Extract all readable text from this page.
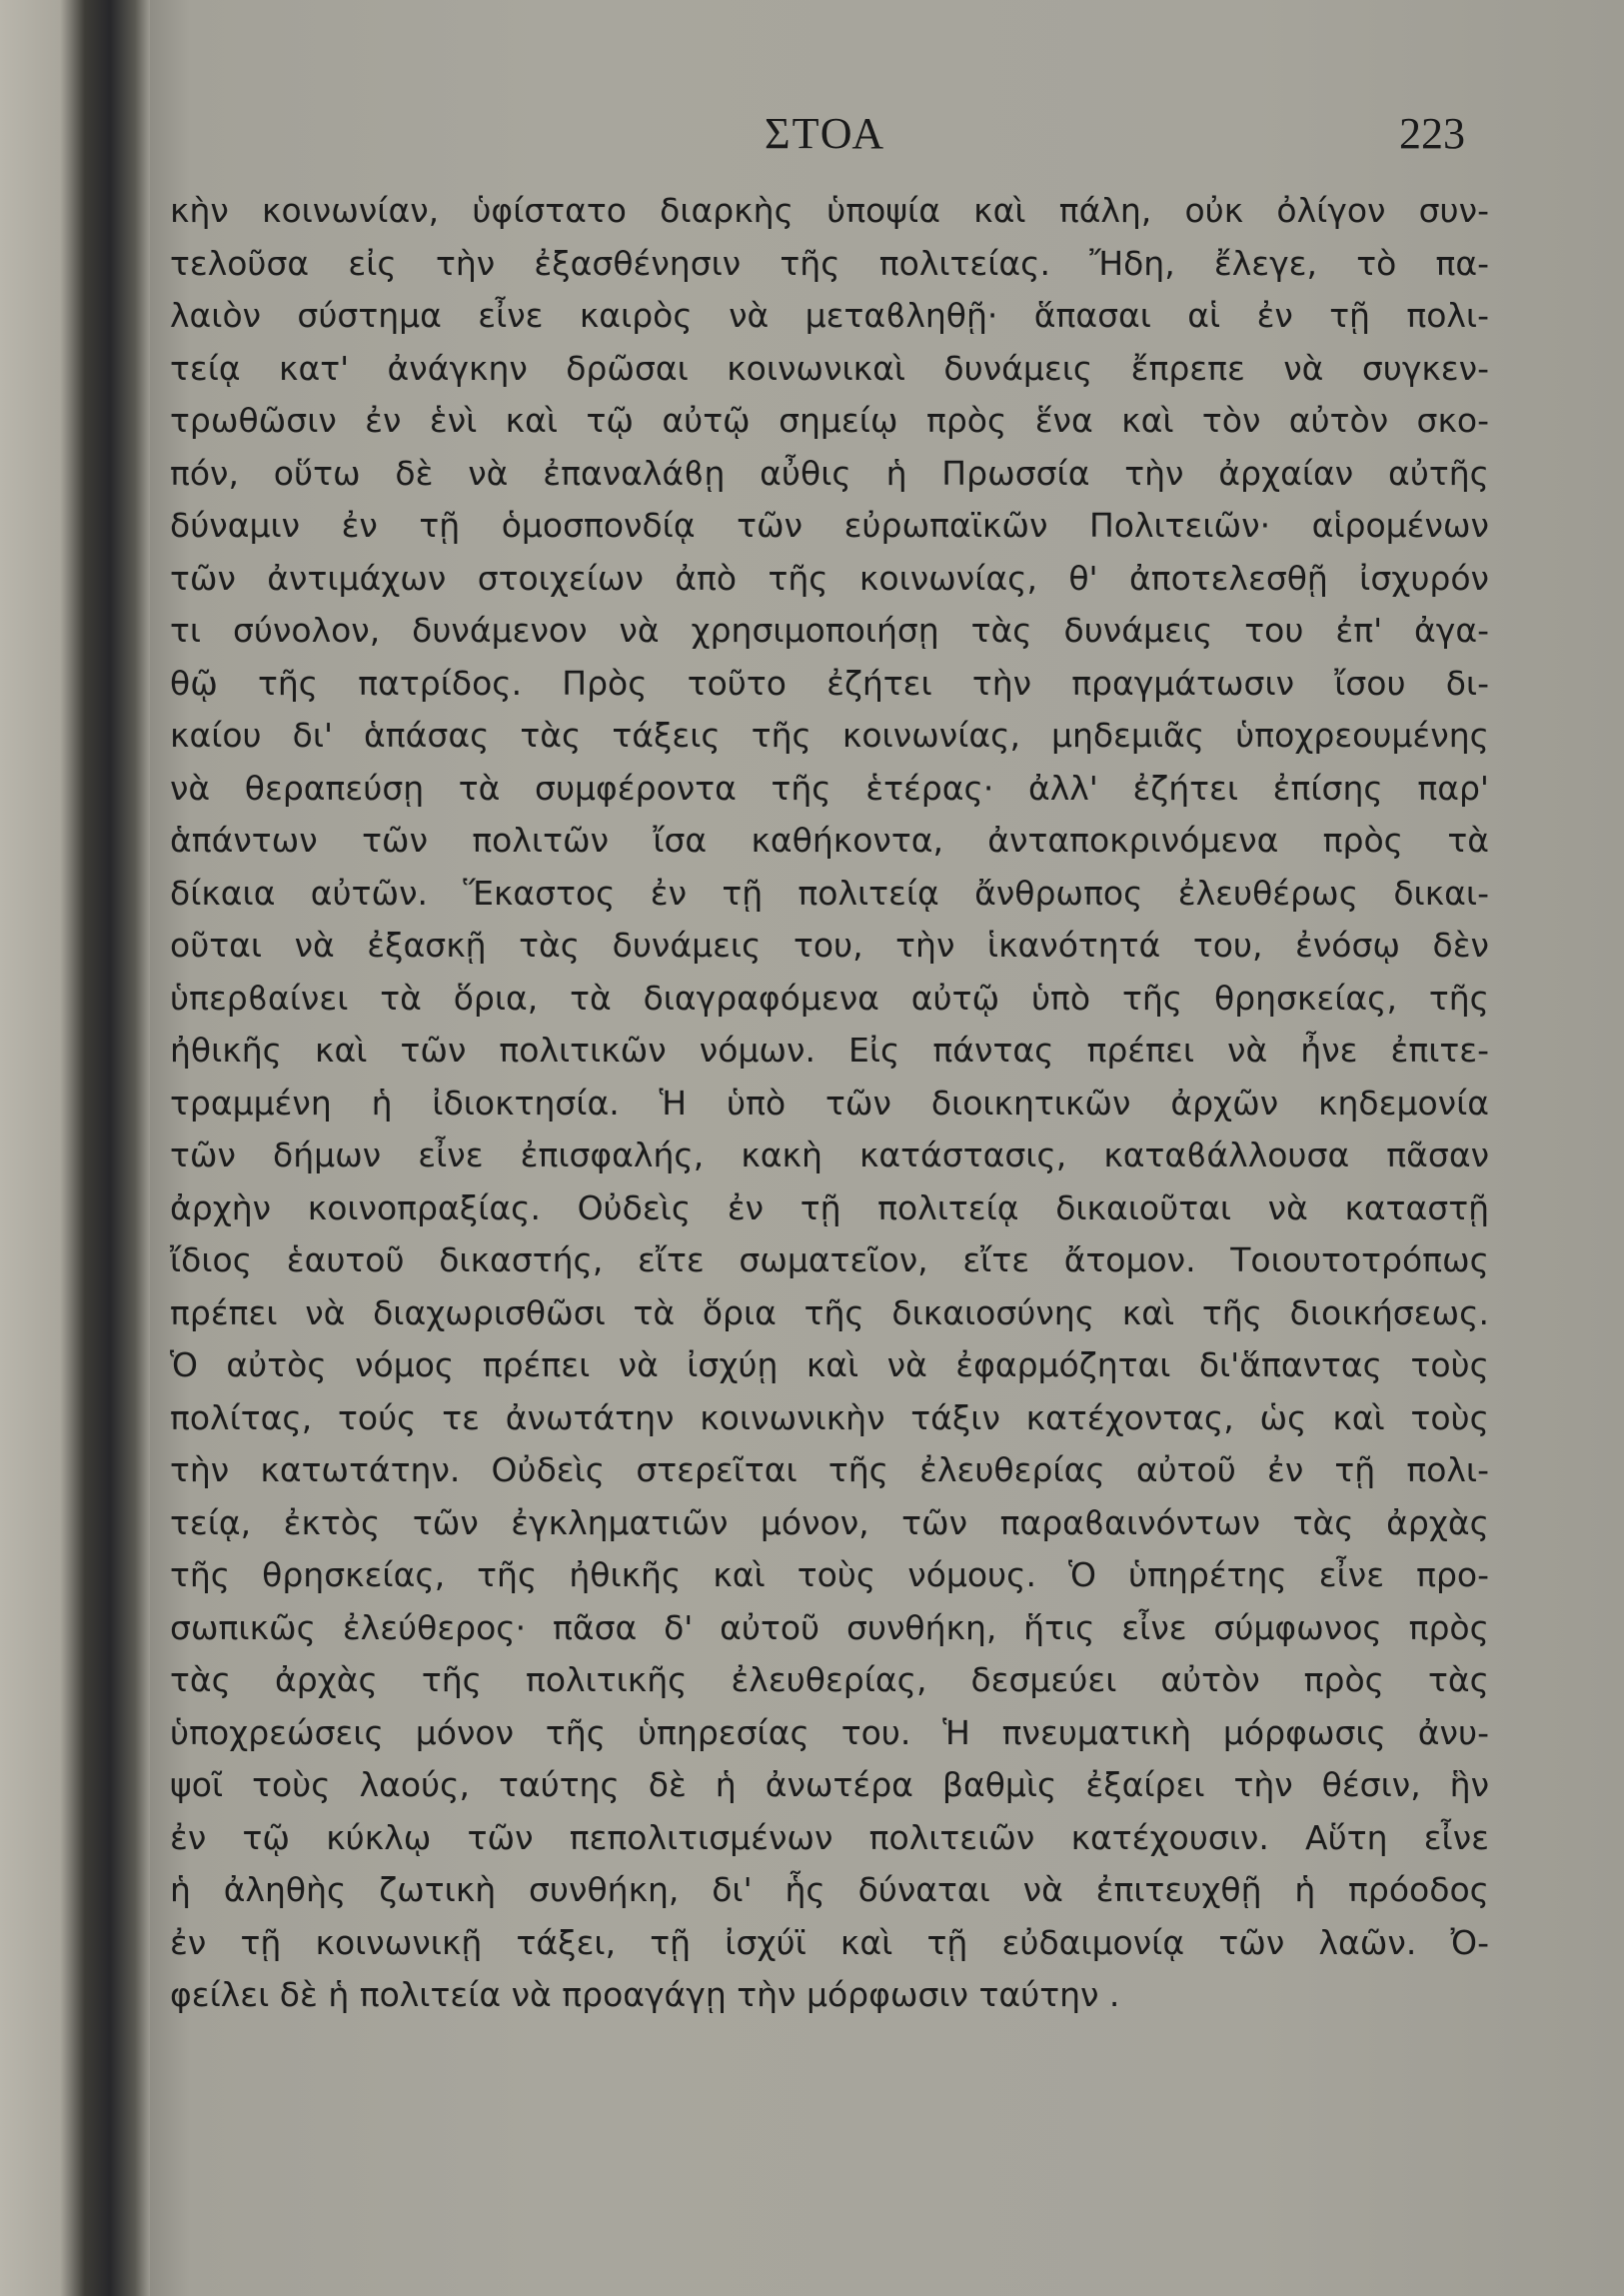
ΣΤΟΑ	223
κὴν κοινωνίαν, ὑφίστατο διαρκὴς ὑποψία καὶ πάλη, οὐκ ὀλίγον συν-
τελοῦσα εἰς τὴν ἐξασθένησιν τῆς πολιτείας. Ἤδη, ἔλεγε, τὸ πα-
λαιὸν σύστημα εἶνε καιρὸς νὰ μεταϐληθῇ· ἅπασαι αἱ ἐν τῇ πολι-
τείᾳ κατ' ἀνάγκην δρῶσαι κοινωνικαὶ δυνάμεις ἔπρεπε νὰ συγκεν-
τρωθῶσιν ἐν ἑνὶ καὶ τῷ αὐτῷ σημείῳ πρὸς ἕνα καὶ τὸν αὐτὸν σκο-
πόν, οὕτω δὲ νὰ ἐπαναλάϐῃ αὖθις ἡ Πρωσσία τὴν ἀρχαίαν αὐτῆς
δύναμιν ἐν τῇ ὁμοσπονδίᾳ τῶν εὐρωπαϊκῶν Πολιτειῶν· αἱρομένων
τῶν ἀντιμάχων στοιχείων ἀπὸ τῆς κοινωνίας, θ' ἀποτελεσθῇ ἰσχυρόν
τι σύνολον, δυνάμενον νὰ χρησιμοποιήσῃ τὰς δυνάμεις του ἐπ' ἀγα-
θῷ τῆς πατρίδος. Πρὸς τοῦτο ἐζήτει τὴν πραγμάτωσιν ἴσου δι-
καίου δι' ἁπάσας τὰς τάξεις τῆς κοινωνίας, μηδεμιᾶς ὑποχρεουμένης
νὰ θεραπεύσῃ τὰ συμφέροντα τῆς ἑτέρας· ἀλλ' ἐζήτει ἐπίσης παρ'
ἁπάντων τῶν πολιτῶν ἴσα καθήκοντα, ἀνταποκρινόμενα πρὸς τὰ
δίκαια αὐτῶν. Ἕκαστος ἐν τῇ πολιτείᾳ ἄνθρωπος ἐλευθέρως δικαι-
οῦται νὰ ἐξασκῇ τὰς δυνάμεις του, τὴν ἱκανότητά του, ἐνόσῳ δὲν
ὑπερϐαίνει τὰ ὅρια, τὰ διαγραφόμενα αὐτῷ ὑπὸ τῆς θρησκείας, τῆς
ἠθικῆς καὶ τῶν πολιτικῶν νόμων. Εἰς πάντας πρέπει νὰ ἦνε ἐπιτε-
τραμμένη ἡ ἰδιοκτησία. Ἡ ὑπὸ τῶν διοικητικῶν ἀρχῶν κηδεμονία
τῶν δήμων εἶνε ἐπισφαλής, κακὴ κατάστασις, καταϐάλλουσα πᾶσαν
ἀρχὴν κοινοπραξίας. Οὐδεὶς ἐν τῇ πολιτείᾳ δικαιοῦται νὰ καταστῇ
ἴδιος ἑαυτοῦ δικαστής, εἴτε σωματεῖον, εἴτε ἄτομον. Τοιουτοτρόπως
πρέπει νὰ διαχωρισθῶσι τὰ ὅρια τῆς δικαιοσύνης καὶ τῆς διοικήσεως.
Ὁ αὐτὸς νόμος πρέπει νὰ ἰσχύῃ καὶ νὰ ἐφαρμόζηται δι'ἅπαντας τοὺς
πολίτας, τούς τε ἀνωτάτην κοινωνικὴν τάξιν κατέχοντας, ὡς καὶ τοὺς
τὴν κατωτάτην. Οὐδεὶς στερεῖται τῆς ἐλευθερίας αὐτοῦ ἐν τῇ πολι-
τείᾳ, ἐκτὸς τῶν ἐγκληματιῶν μόνον, τῶν παραϐαινόντων τὰς ἀρχὰς
τῆς θρησκείας, τῆς ἠθικῆς καὶ τοὺς νόμους. Ὁ ὑπηρέτης εἶνε προ-
σωπικῶς ἐλεύθερος· πᾶσα δ' αὐτοῦ συνθήκη, ἥτις εἶνε σύμφωνος πρὸς
τὰς ἀρχὰς τῆς πολιτικῆς ἐλευθερίας, δεσμεύει αὐτὸν πρὸς τὰς
ὑποχρεώσεις μόνον τῆς ὑπηρεσίας του. Ἡ πνευματικὴ μόρφωσις ἀνυ-
ψοῖ τοὺς λαούς, ταύτης δὲ ἡ ἀνωτέρα βαθμὶς ἐξαίρει τὴν θέσιν, ἣν
ἐν τῷ κύκλῳ τῶν πεπολιτισμένων πολιτειῶν κατέχουσιν. Αὕτη εἶνε
ἡ ἀληθὴς ζωτικὴ συνθήκη, δι' ἧς δύναται νὰ ἐπιτευχθῇ ἡ πρόοδος
ἐν τῇ κοινωνικῇ τάξει, τῇ ἰσχύϊ καὶ τῇ εὐδαιμονίᾳ τῶν λαῶν. Ὀ-
φείλει δὲ ἡ πολιτεία νὰ προαγάγῃ τὴν μόρφωσιν ταύτην .
